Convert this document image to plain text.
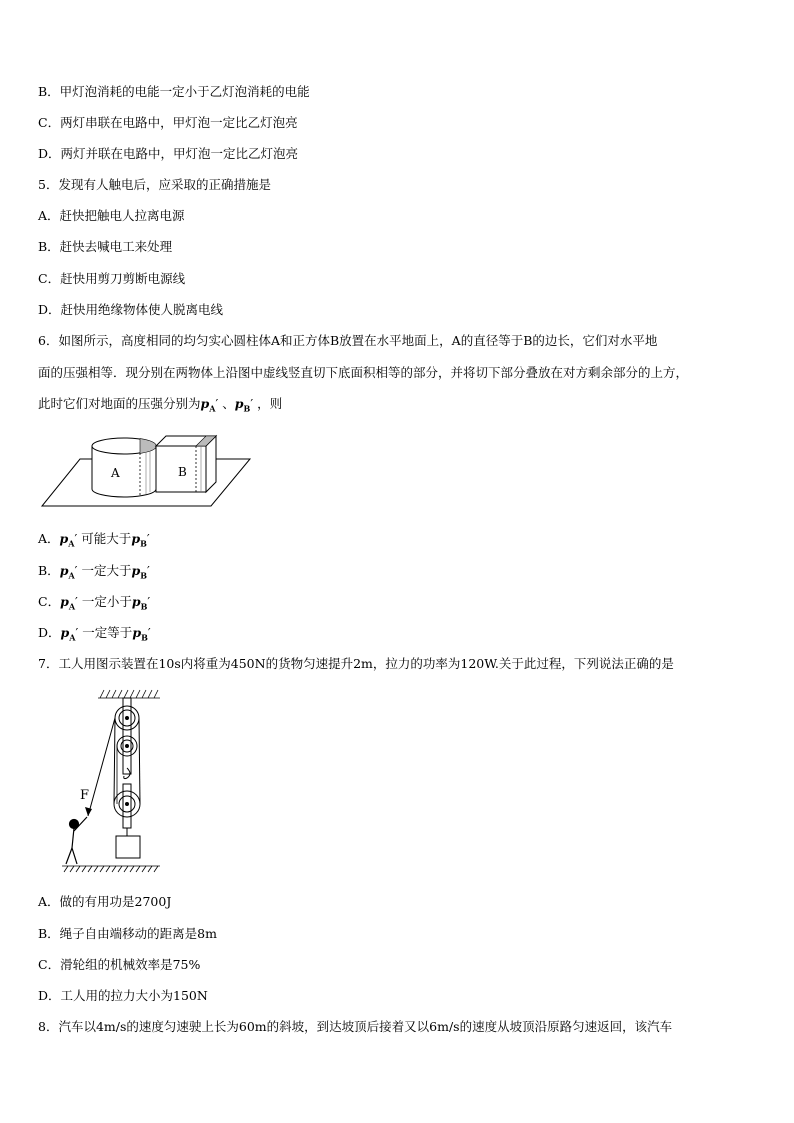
B．甲灯泡消耗的电能一定小于乙灯泡消耗的电能
C．两灯串联在电路中，甲灯泡一定比乙灯泡亮
D．两灯并联在电路中，甲灯泡一定比乙灯泡亮
5．发现有人触电后，应采取的正确措施是
A．赶快把触电人拉离电源
B．赶快去喊电工来处理
C．赶快用剪刀剪断电源线
D．赶快用绝缘物体使人脱离电线
6．如图所示，高度相同的均匀实心圆柱体A和正方体B放置在水平地面上，A的直径等于B的边长，它们对水平地
面的压强相等．现分别在两物体上沿图中虚线竖直切下底面积相等的部分，并将切下部分叠放在对方剩余部分的上方，
此时它们对地面的压强分别为$p_A'$ 、$p_B'$ ，则
A	B
A．$p_A'$ 可能大于$p_B'$
B．$p_A'$ 一定大于$p_B'$
C．$p_A'$ 一定小于$p_B'$
D．$p_A'$ 一定等于$p_B'$
7．工人用图示装置在10s内将重为450N的货物匀速提升2m，拉力的功率为120W.关于此过程，下列说法正确的是
F
A．做的有用功是2700J
B．绳子自由端移动的距离是8m
C．滑轮组的机械效率是75%
D．工人用的拉力大小为150N
8．汽车以4m/s的速度匀速驶上长为60m的斜坡，到达坡顶后接着又以6m/s的速度从坡顶沿原路匀速返回，该汽车
